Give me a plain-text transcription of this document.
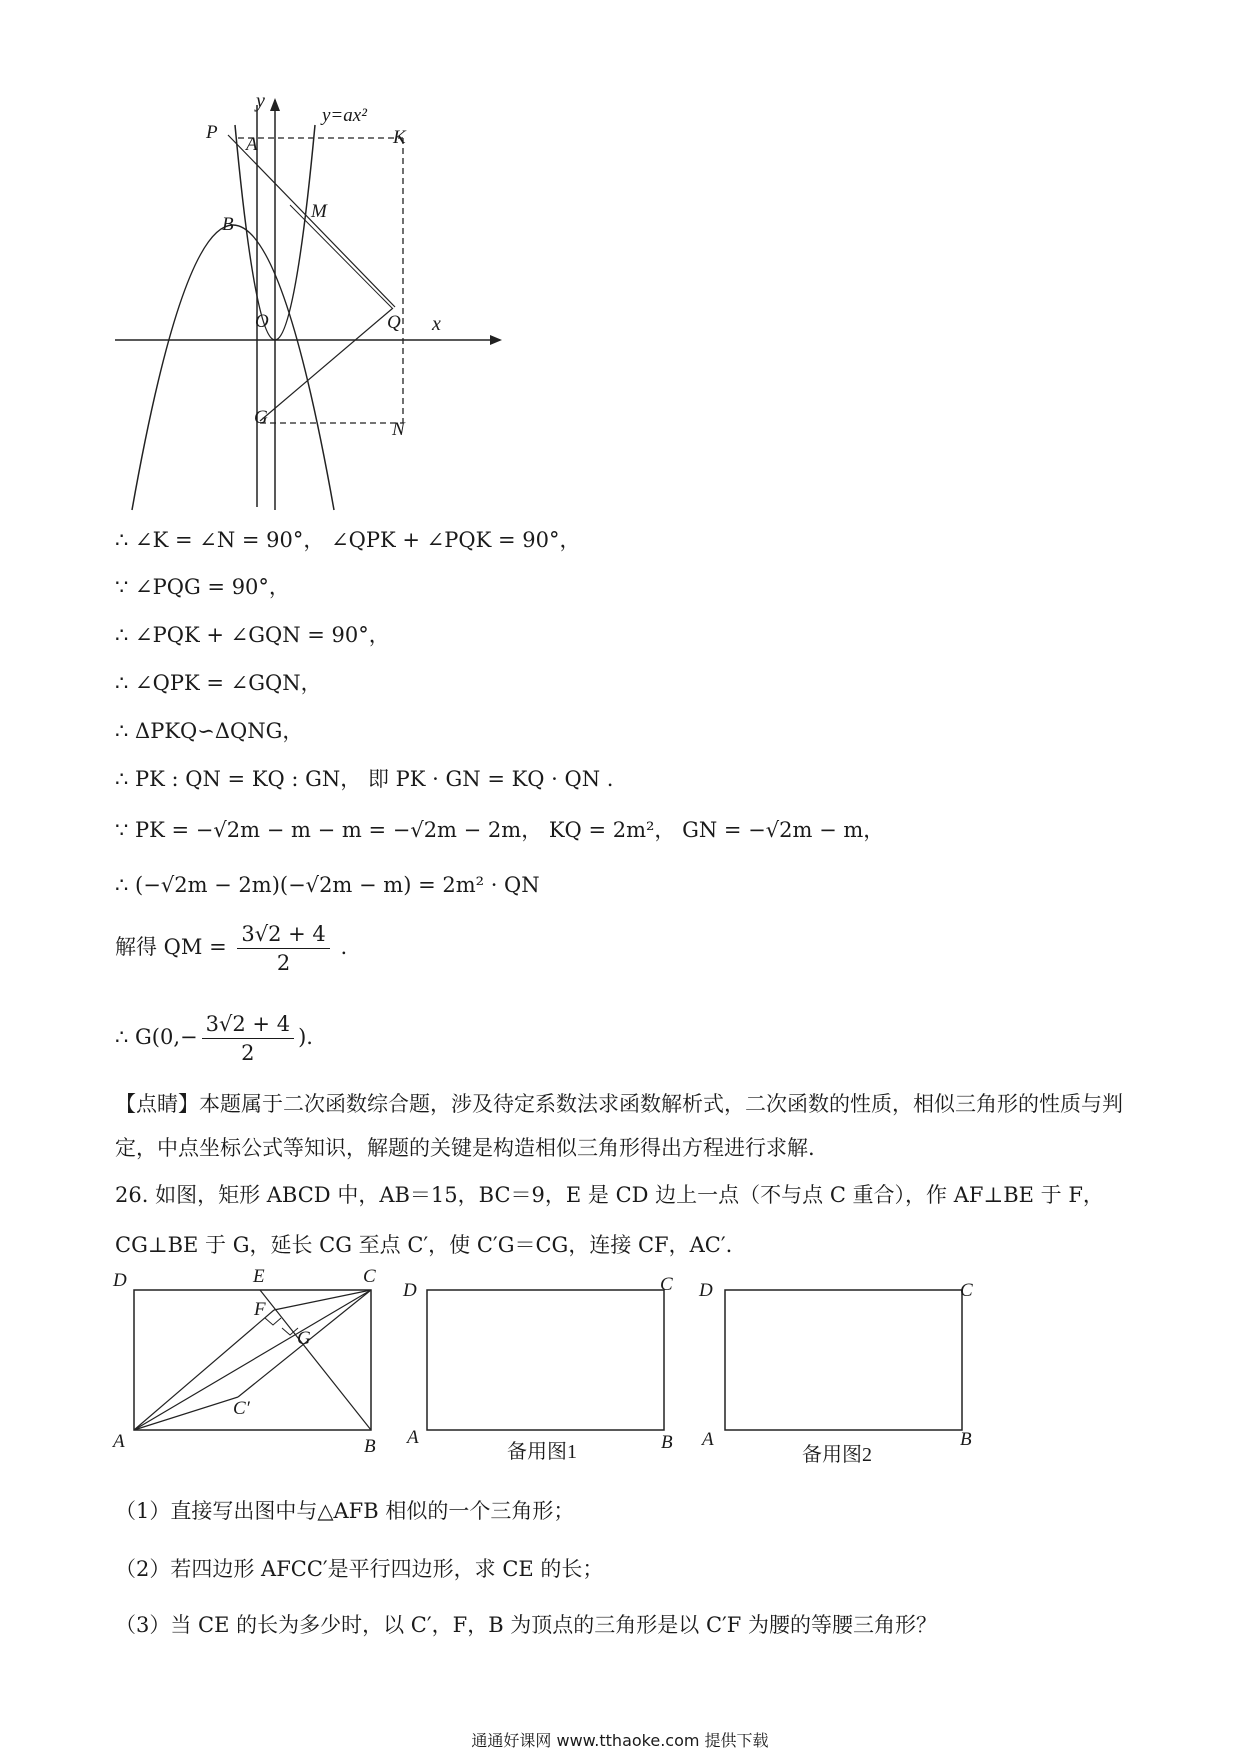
y
y=ax²
P
A	K
B
M
O	Q x
G
N
∴ ∠K = ∠N = 90°， ∠QPK + ∠PQK = 90°，
∵ ∠PQG = 90°，
∴ ∠PQK + ∠GQN = 90°，
∴ ∠QPK = ∠GQN，
∴ ΔPKQ∽ΔQNG，
∴ PK : QN = KQ : GN， 即 PK · GN = KQ · QN .
∵ PK = −√2m − m − m = −√2m − 2m， KQ = 2m²， GN = −√2m − m，
∴ (−√2m − 2m)(−√2m − m) = 2m² · QN
解得 QM = $\frac{3√2 + 4}{2}$ .
∴ $G(0,- \frac{3√2 + 4}{2}$ ).
【点睛】本题属于二次函数综合题，涉及待定系数法求函数解析式，二次函数的性质，相似三角形的性质与判定，中点坐标公式等知识，解题的关键是构造相似三角形得出方程进行求解.
26. 如图，矩形 ABCD 中，AB＝15，BC＝9，E 是 CD 边上一点（不与点 C 重合），作 AF⊥BE 于 F，CG⊥BE 于 G，延长 CG 至点 C′，使 C′G＝CG，连接 CF，AC′.
D	E	C
F
G
C′
A	B
D	C
A	B
备用图1
D	C
A	B
备用图2
（1）直接写出图中与△AFB 相似的一个三角形；
（2）若四边形 AFCC′是平行四边形，求 CE 的长；
（3）当 CE 的长为多少时，以 C′，F，B 为顶点的三角形是以 C′F 为腰的等腰三角形？
通通好课网 www.tthaoke.com 提供下载
